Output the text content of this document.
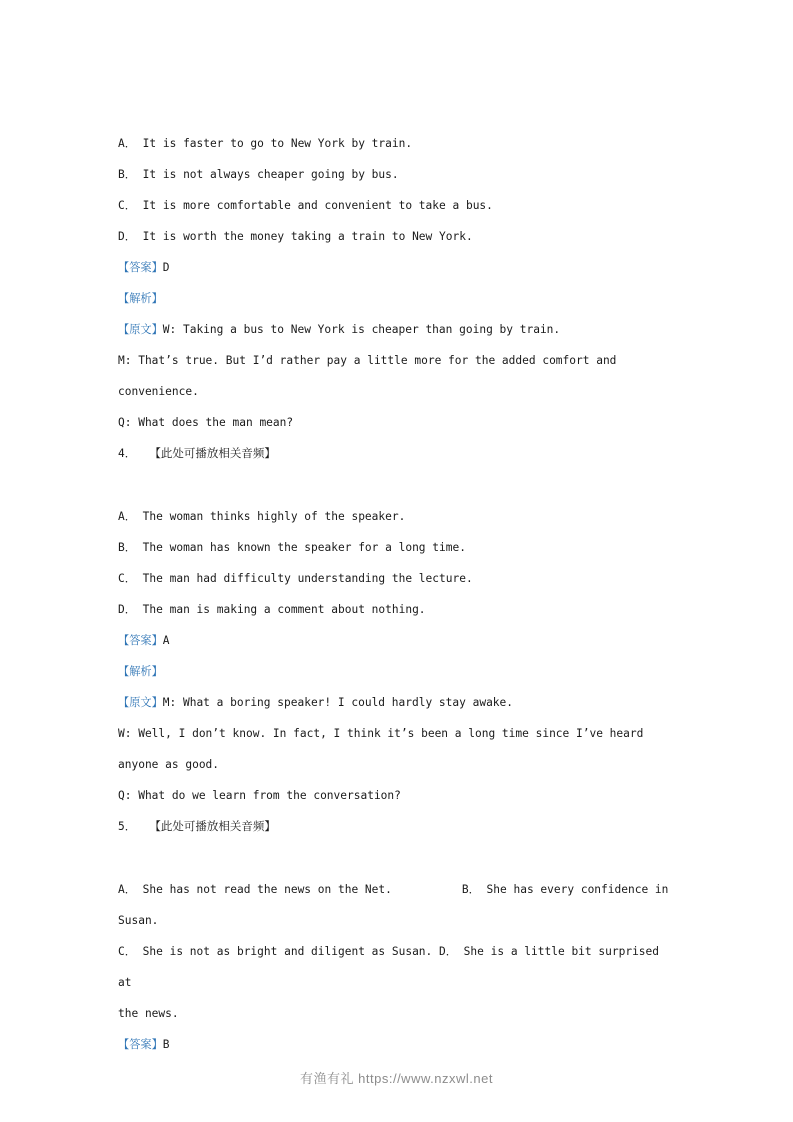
A． It is faster to go to New York by train.
B． It is not always cheaper going by bus.
C． It is more comfortable and convenient to take a bus.
D． It is worth the money taking a train to New York.
【答案】D
【解析】
【原文】W: Taking a bus to New York is cheaper than going by train.
M: That’s true. But I’d rather pay a little more for the added comfort and
convenience.
Q: What does the man mean?
4． 【此处可播放相关音频】
A． The woman thinks highly of the speaker.
B． The woman has known the speaker for a long time.
C． The man had difficulty understanding the lecture.
D． The man is making a comment about nothing.
【答案】A
【解析】
【原文】M: What a boring speaker! I could hardly stay awake.
W: Well, I don’t know. In fact, I think it’s been a long time since I’ve heard
anyone as good.
Q: What do we learn from the conversation?
5． 【此处可播放相关音频】
A． She has not read the news on the Net.	B． She has every confidence in
Susan.
C． She is not as bright and diligent as Susan. D． She is a little bit surprised at
the news.
【答案】B
有渔有礼 https://www.nzxwl.net
